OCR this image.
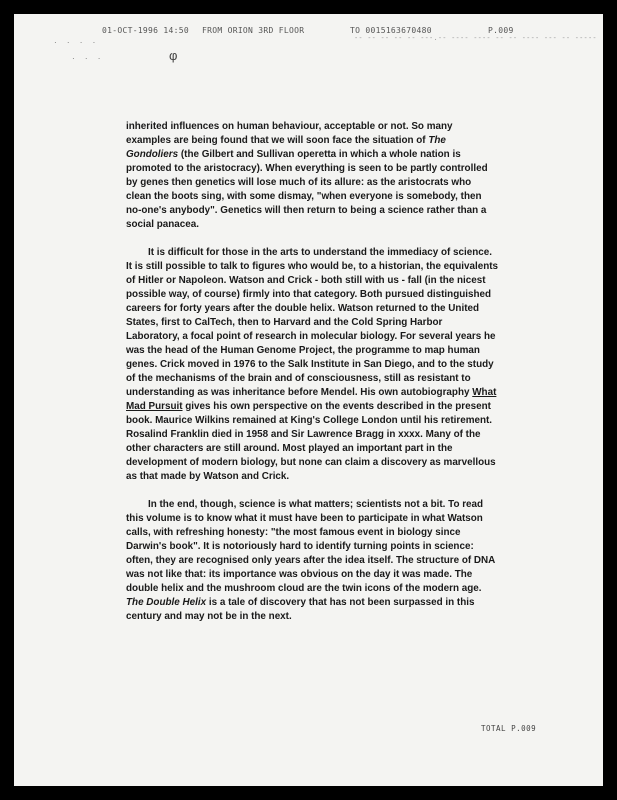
01-OCT-1996 14:50 FROM ORION 3RD FLOOR	TO 0015163670480	P.009
-- -- -- -- -- ---.-- ---- ---- -- -- ---- --- -- -----
· · · ·
· · ·	φ

inherited influences on human behaviour, acceptable or not. So many examples are being found that we will soon face the situation of The Gondoliers (the Gilbert and Sullivan operetta in which a whole nation is promoted to the aristocracy). When everything is seen to be partly controlled by genes then genetics will lose much of its allure: as the aristocrats who clean the boots sing, with some dismay, "when everyone is somebody, then no-one's anybody". Genetics will then return to being a science rather than a social panacea.

It is difficult for those in the arts to understand the immediacy of science. It is still possible to talk to figures who would be, to a historian, the equivalents of Hitler or Napoleon. Watson and Crick - both still with us - fall (in the nicest possible way, of course) firmly into that category. Both pursued distinguished careers for forty years after the double helix. Watson returned to the United States, first to CalTech, then to Harvard and the Cold Spring Harbor Laboratory, a focal point of research in molecular biology. For several years he was the head of the Human Genome Project, the programme to map human genes. Crick moved in 1976 to the Salk Institute in San Diego, and to the study of the mechanisms of the brain and of consciousness, still as resistant to understanding as was inheritance before Mendel. His own autobiography What Mad Pursuit gives his own perspective on the events described in the present book. Maurice Wilkins remained at King's College London until his retirement. Rosalind Franklin died in 1958 and Sir Lawrence Bragg in xxxx. Many of the other characters are still around. Most played an important part in the development of modern biology, but none can claim a discovery as marvellous as that made by Watson and Crick.

In the end, though, science is what matters; scientists not a bit. To read this volume is to know what it must have been to participate in what Watson calls, with refreshing honesty: "the most famous event in biology since Darwin's book". It is notoriously hard to identify turning points in science: often, they are recognised only years after the idea itself. The structure of DNA was not like that: its importance was obvious on the day it was made. The double helix and the mushroom cloud are the twin icons of the modern age. The Double Helix is a tale of discovery that has not been surpassed in this century and may not be in the next.

TOTAL P.009
